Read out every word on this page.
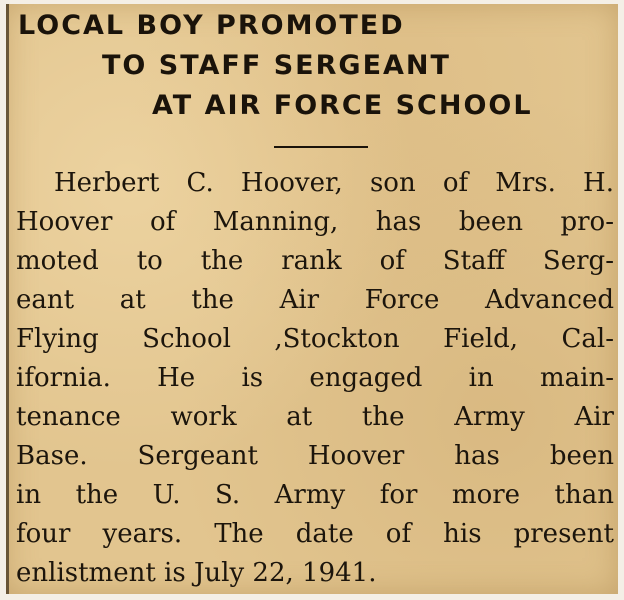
LOCAL BOY PROMOTED
TO STAFF SERGEANT
AT AIR FORCE SCHOOL
Herbert C. Hoover, son of Mrs. H.
Hoover of Manning, has been pro-
moted to the rank of Staff Serg-
eant at the Air Force Advanced
Flying School ,Stockton Field, Cal-
ifornia. He is engaged in main-
tenance work at the Army Air
Base. Sergeant Hoover has been
in the U. S. Army for more than
four years. The date of his present
enlistment is July 22, 1941.
